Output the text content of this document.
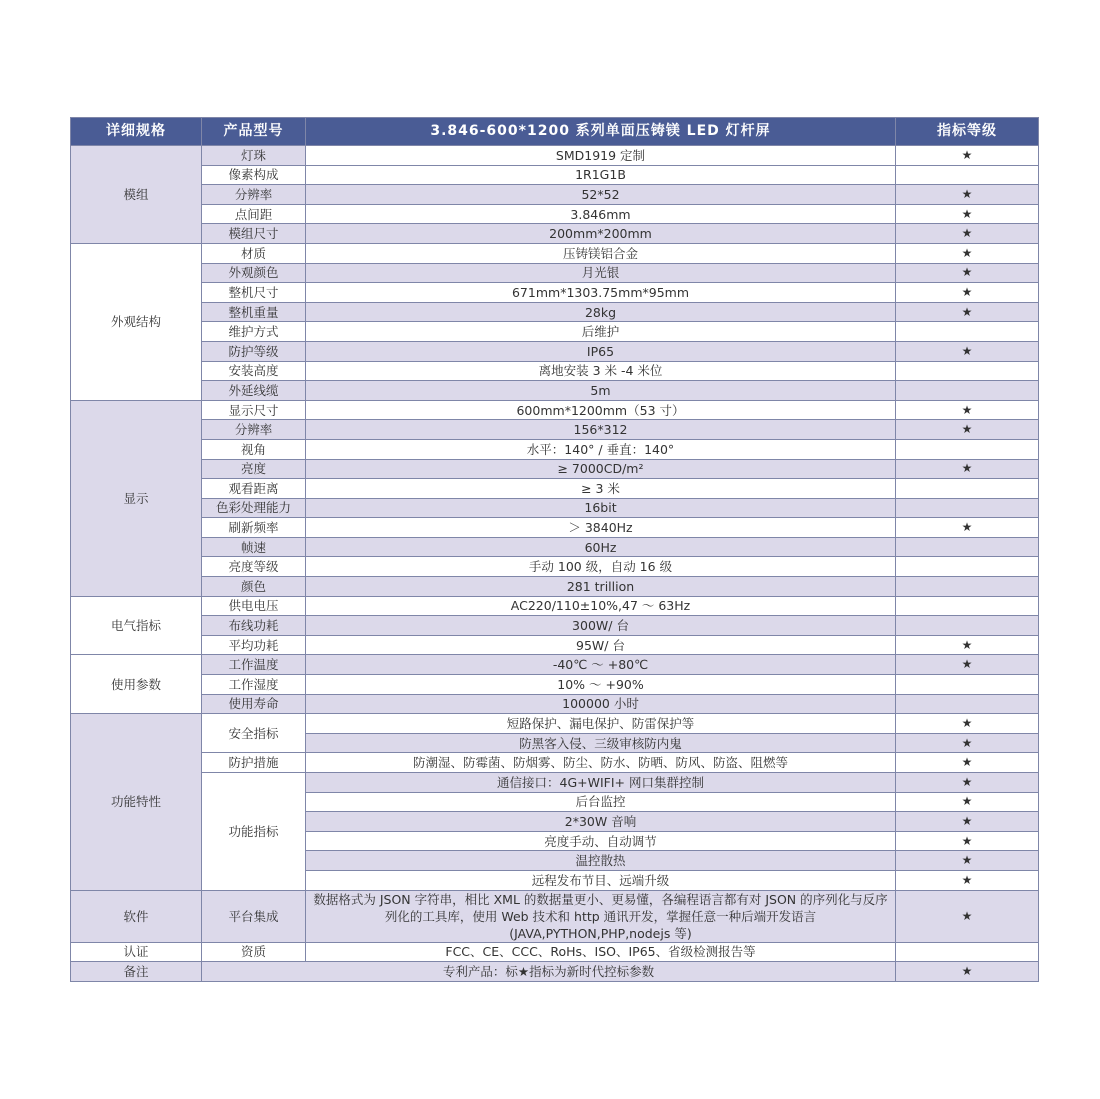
详细规格	产品型号	3.846-600*1200 系列单面压铸镁 LED 灯杆屏	指标等级
模组	灯珠	SMD1919 定制	★
	像素构成	1R1G1B	
	分辨率	52*52	★
	点间距	3.846mm	★
	模组尺寸	200mm*200mm	★
外观结构	材质	压铸镁铝合金	★
	外观颜色	月光银	★
	整机尺寸	671mm*1303.75mm*95mm	★
	整机重量	28kg	★
	维护方式	后维护	
	防护等级	IP65	★
	安装高度	离地安装 3 米 -4 米位	
	外延线缆	5m	
显示	显示尺寸	600mm*1200mm（53 寸）	★
	分辨率	156*312	★
	视角	水平：140° / 垂直：140°	
	亮度	≥ 7000CD/m²	★
	观看距离	≥ 3 米	
	色彩处理能力	16bit	
	刷新频率	＞ 3840Hz	★
	帧速	60Hz	
	亮度等级	手动 100 级，自动 16 级	
	颜色	281 trillion	
电气指标	供电电压	AC220/110±10%,47 ～ 63Hz	
	布线功耗	300W/ 台	
	平均功耗	95W/ 台	★
使用参数	工作温度	-40℃ ～ +80℃	★
	工作湿度	10% ～ +90%	
	使用寿命	100000 小时	
功能特性	安全指标	短路保护、漏电保护、防雷保护等	★
		防黑客入侵、三级审核防内鬼	★
	防护措施	防潮湿、防霉菌、防烟雾、防尘、防水、防晒、防风、防盗、阻燃等	★
	功能指标	通信接口：4G+WIFI+ 网口集群控制	★
		后台监控	★
		2*30W 音响	★
		亮度手动、自动调节	★
		温控散热	★
		远程发布节目、远端升级	★
软件	平台集成	数据格式为 JSON 字符串，相比 XML 的数据量更小、更易懂，各编程语言都有对 JSON 的序列化与反序列化的工具库，使用 Web 技术和 http 通讯开发，掌握任意一种后端开发语言(JAVA,PYTHON,PHP,nodejs 等)	★
认证	资质	FCC、CE、CCC、RoHs、ISO、IP65、省级检测报告等	
备注	专利产品：标★指标为新时代控标参数		★
